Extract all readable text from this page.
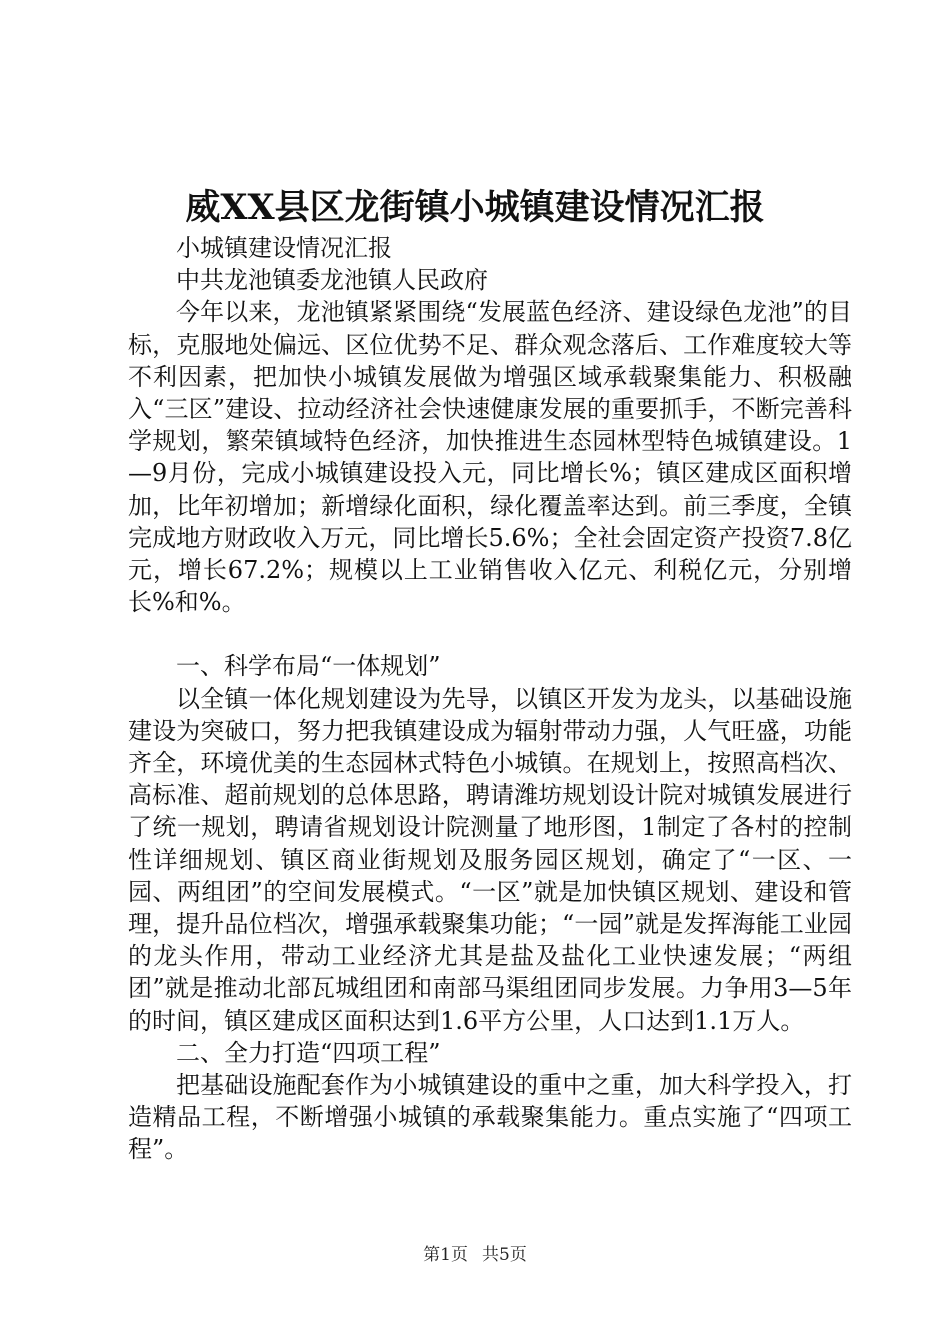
威XX县区龙街镇小城镇建设情况汇报

小城镇建设情况汇报

中共龙池镇委龙池镇人民政府

今年以来，龙池镇紧紧围绕“发展蓝色经济、建设绿色龙池”的目标，克服地处偏远、区位优势不足、群众观念落后、工作难度较大等不利因素，把加快小城镇发展做为增强区域承载聚集能力、积极融入“三区”建设、拉动经济社会快速健康发展的重要抓手，不断完善科学规划，繁荣镇域特色经济，加快推进生态园林型特色城镇建设。1—9月份，完成小城镇建设投入元，同比增长%；镇区建成区面积增加，比年初增加；新增绿化面积，绿化覆盖率达到。前三季度，全镇完成地方财政收入万元，同比增长5.6%；全社会固定资产投资7.8亿元，增长67.2%；规模以上工业销售收入亿元、利税亿元，分别增长%和%。

一、科学布局“一体规划”

以全镇一体化规划建设为先导，以镇区开发为龙头，以基础设施建设为突破口，努力把我镇建设成为辐射带动力强，人气旺盛，功能齐全，环境优美的生态园林式特色小城镇。在规划上，按照高档次、高标准、超前规划的总体思路，聘请潍坊规划设计院对城镇发展进行了统一规划，聘请省规划设计院测量了地形图，1制定了各村的控制性详细规划、镇区商业街规划及服务园区规划，确定了“一区、一园、两组团”的空间发展模式。“一区”就是加快镇区规划、建设和管理，提升品位档次，增强承载聚集功能；“一园”就是发挥海能工业园的龙头作用，带动工业经济尤其是盐及盐化工业快速发展；“两组团”就是推动北部瓦城组团和南部马渠组团同步发展。力争用3—5年的时间，镇区建成区面积达到1.6平方公里，人口达到1.1万人。

二、全力打造“四项工程”

把基础设施配套作为小城镇建设的重中之重，加大科学投入，打造精品工程，不断增强小城镇的承载聚集能力。重点实施了“四项工程”。

第1页 共5页
